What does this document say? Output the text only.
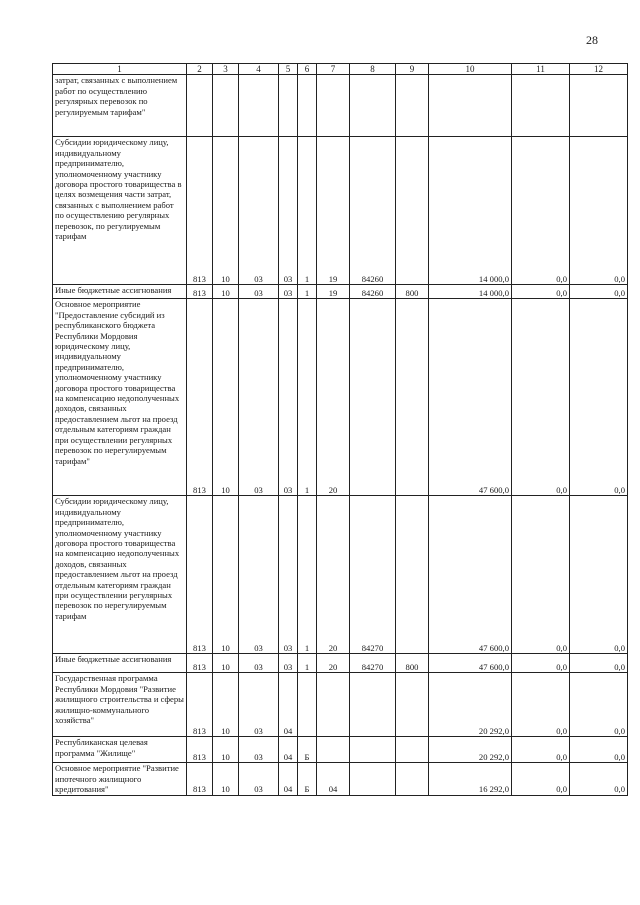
28
1	2	3	4	5	6	7	8	9	10	11	12

затрат, связанных с выполнением работ по осуществлению регулярных перевозок по регулируемым тарифам"											

Субсидии юридическому лицу, индивидуальному предпринимателю, уполномоченному участнику договора простого товарищества в целях возмещения части затрат, связанных с выполнением работ по осуществлению регулярных перевозок, по регулируемым тарифам	813	10	03	03	1	19	84260		14 000,0	0,0	0,0

Иные бюджетные ассигнования	813	10	03	03	1	19	84260	800	14 000,0	0,0	0,0

Основное мероприятие "Предоставление субсидий из республиканского бюджета Республики Мордовия юридическому лицу, индивидуальному предпринимателю, уполномоченному участнику договора простого товарищества на компенсацию недополученных доходов, связанных предоставлением льгот на проезд отдельным категориям граждан при осуществлении регулярных перевозок по нерегулируемым тарифам"	813	10	03	03	1	20			47 600,0	0,0	0,0

Субсидии юридическому лицу, индивидуальному предпринимателю, уполномоченному участнику договора простого товарищества на компенсацию недополученных доходов, связанных предоставлением льгот на проезд отдельным категориям граждан при осуществлении регулярных перевозок по нерегулируемым тарифам	813	10	03	03	1	20	84270		47 600,0	0,0	0,0

Иные бюджетные ассигнования	813	10	03	03	1	20	84270	800	47 600,0	0,0	0,0

Государственная программа Республики Мордовия "Развитие жилищного строительства и сферы жилищно-коммунального хозяйства"	813	10	03	04					20 292,0	0,0	0,0

Республиканская целевая программа "Жилище"	813	10	03	04	Б				20 292,0	0,0	0,0

Основное мероприятие "Развитие ипотечного жилищного кредитования"	813	10	03	04	Б	04			16 292,0	0,0	0,0
